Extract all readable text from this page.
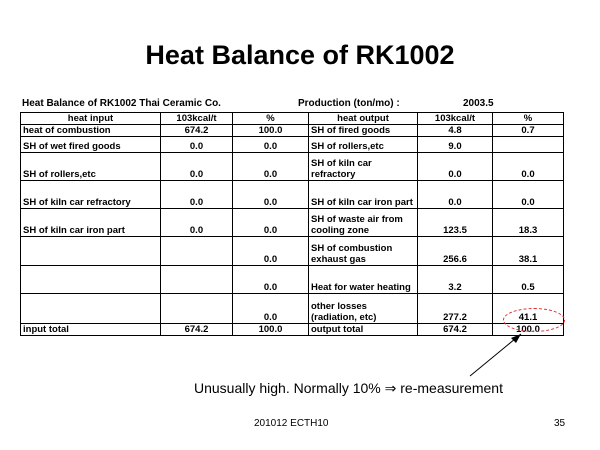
Heat Balance of RK1002
Heat Balance of RK1002 Thai Ceramic Co.	Production (ton/mo) :	2003.5
heat input	103kcal/t	%	heat output	103kcal/t	%
heat of combustion	674.2	100.0	SH of fired goods	4.8	0.7
SH of wet fired goods	0.0	0.0	SH of rollers,etc	9.0	
SH of rollers,etc	0.0	0.0	SH of kiln car refractory	0.0	0.0
SH of kiln car refractory	0.0	0.0	SH of kiln car iron part	0.0	0.0
SH of kiln car iron part	0.0	0.0	SH of waste air from cooling zone	123.5	18.3
		0.0	SH of combustion exhaust gas	256.6	38.1
		0.0	Heat for water heating	3.2	0.5
		0.0	other losses (radiation, etc)	277.2	41.1
input total	674.2	100.0	output total	674.2	100.0
Unusually high. Normally 10% ⇒ re-measurement
201012 ECTH10	35
